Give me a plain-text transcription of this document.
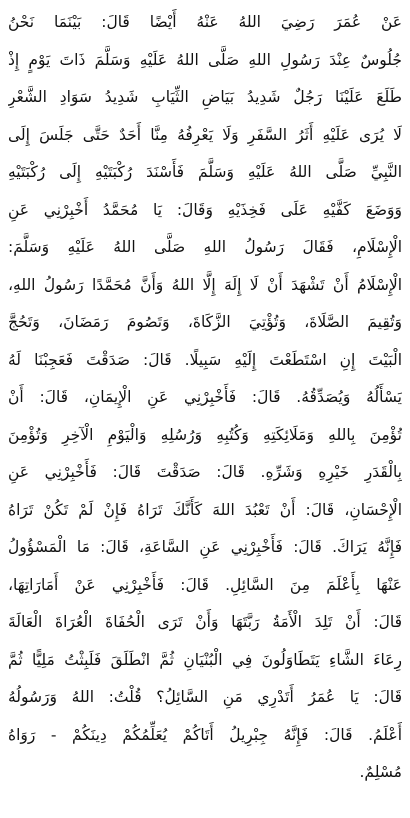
عَنْ عُمَرَ رَضِيَ اللهُ عَنْهُ أَيْضًا قَالَ: بَيْنَمَا نَحْنُ
جُلُوسٌ عِنْدَ رَسُولِ اللهِ صَلَّى اللهُ عَلَيْهِ وَسَلَّمَ ذَاتَ يَوْمٍ إِذْ
طَلَعَ عَلَيْنَا رَجُلٌ شَدِيدُ بَيَاضِ الثِّيَابِ شَدِيدُ سَوَادِ الشَّعْرِ
لَا يُرَى عَلَيْهِ أَثَرُ السَّفَرِ وَلَا يَعْرِفُهُ مِنَّا أَحَدٌ حَتَّى جَلَسَ إِلَى
النَّبِيِّ صَلَّى اللهُ عَلَيْهِ وَسَلَّمَ فَأَسْنَدَ رُكْبَتَيْهِ إِلَى رُكْبَتَيْهِ
وَوَضَعَ كَفَّيْهِ عَلَى فَخِذَيْهِ وَقَالَ: يَا مُحَمَّدُ أَخْبِرْنِي عَنِ
الْإِسْلَامِ، فَقَالَ رَسُولُ اللهِ صَلَّى اللهُ عَلَيْهِ وَسَلَّمَ:
الْإِسْلَامُ أَنْ تَشْهَدَ أَنْ لَا إِلَهَ إِلَّا اللهُ وَأَنَّ مُحَمَّدًا رَسُولُ اللهِ،
وَتُقِيمَ الصَّلَاةَ، وَتُؤْتِيَ الزَّكَاةَ، وَتَصُومَ رَمَضَانَ، وَتَحُجَّ
الْبَيْتَ إِنِ اسْتَطَعْتَ إِلَيْهِ سَبِيلًا. قَالَ: صَدَقْتَ فَعَجِبْنَا لَهُ
يَسْأَلُهُ وَيُصَدِّقُهُ. قَالَ: فَأَخْبِرْنِي عَنِ الْإِيمَانِ، قَالَ: أَنْ
تُؤْمِنَ بِاللهِ وَمَلَائِكَتِهِ وَكُتُبِهِ وَرُسُلِهِ وَالْيَوْمِ الْآخِرِ وَتُؤْمِنَ
بِالْقَدَرِ خَيْرِهِ وَشَرِّهِ. قَالَ: صَدَقْتَ قَالَ: فَأَخْبِرْنِي عَنِ
الْإِحْسَانِ، قَالَ: أَنْ تَعْبُدَ اللهَ كَأَنَّكَ تَرَاهُ فَإِنْ لَمْ تَكُنْ تَرَاهُ
فَإِنَّهُ يَرَاكَ. قَالَ: فَأَخْبِرْنِي عَنِ السَّاعَةِ، قَالَ: مَا الْمَسْؤُولُ
عَنْهَا بِأَعْلَمَ مِنَ السَّائِلِ. قَالَ: فَأَخْبِرْنِي عَنْ أَمَارَاتِهَا،
قَالَ: أَنْ تَلِدَ الْأَمَةُ رَبَّتَهَا وَأَنْ تَرَى الْحُفَاةَ الْعُرَاةَ الْعَالَةَ
رِعَاءَ الشَّاءِ يَتَطَاوَلُونَ فِي الْبُنْيَانِ ثُمَّ انْطَلَقَ فَلَبِثْتُ مَلِيًّا ثُمَّ
قَالَ: يَا عُمَرُ أَتَدْرِي مَنِ السَّائِلُ؟ قُلْتُ: اللهُ وَرَسُولُهُ
أَعْلَمُ. قَالَ: فَإِنَّهُ جِبْرِيلُ أَتَاكُمْ يُعَلِّمُكُمْ دِينَكُمْ - رَوَاهُ
مُسْلِمٌ.
